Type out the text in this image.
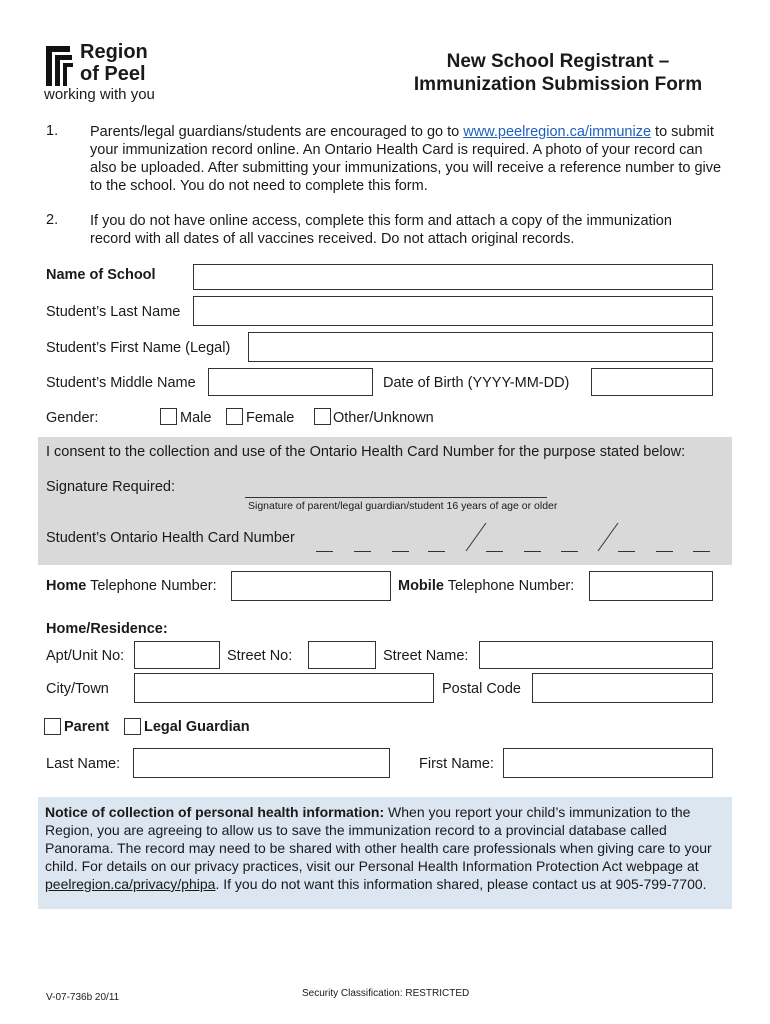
Region
of Peel
working with you
New School Registrant –
Immunization Submission Form
1. Parents/legal guardians/students are encouraged to go to www.peelregion.ca/immunize to submit your immunization record online. An Ontario Health Card is required. A photo of your record can also be uploaded. After submitting your immunizations, you will receive a reference number to give to the school. You do not need to complete this form.
2. If you do not have online access, complete this form and attach a copy of the immunization record with all dates of all vaccines received. Do not attach original records.
Name of School
Student’s Last Name
Student’s First Name (Legal)
Student’s Middle Name	Date of Birth (YYYY-MM-DD)
Gender:	Male Female	Other/Unknown
I consent to the collection and use of the Ontario Health Card Number for the purpose stated below:
Signature Required:
Signature of parent/legal guardian/student 16 years of age or older
Student’s Ontario Health Card Number
Home Telephone Number:	Mobile Telephone Number:
Home/Residence:
Apt/Unit No:	Street No:	Street Name:
City/Town	Postal Code
Parent Legal Guardian
Last Name:	First Name:
Notice of collection of personal health information: When you report your child’s immunization to the Region, you are agreeing to allow us to save the immunization record to a provincial database called Panorama. The record may need to be shared with other health care professionals when giving care to your child. For details on our privacy practices, visit our Personal Health Information Protection Act webpage at peelregion.ca/privacy/phipa. If you do not want this information shared, please contact us at 905-799-7700.
V-07-736b 20/11	Security Classification: RESTRICTED
